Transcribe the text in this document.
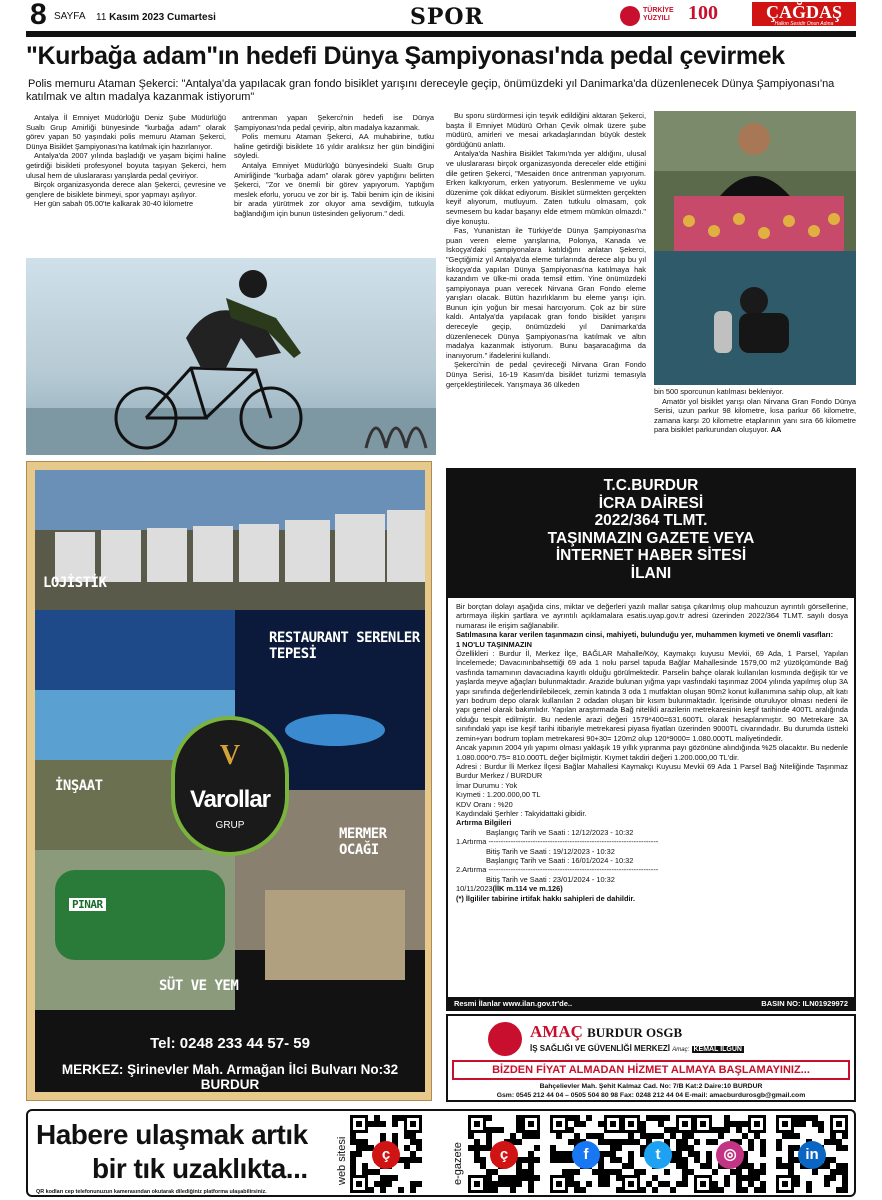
8 SAYFA 11 Kasım 2023 Cumartesi	SPOR	TÜRKİYE YÜZYILI 100	ÇAĞDAŞ
Halkın Sesidir Onun Adına
"Kurbağa adam"ın hedefi Dünya Şampiyonası'nda pedal çevirmek
Polis memuru Ataman Şekerci: "Antalya'da yapılacak gran fondo bisiklet yarışını dereceyle geçip, önümüzdeki yıl Danimarka'da düzenlenecek Dünya Şampiyonası'na katılmak ve altın madalya kazanmak istiyorum"

Antalya İl Emniyet Müdürlüğü Deniz Şube Müdürlüğü Sualtı Grup Amirliği bünyesinde "kurbağa adam" olarak görev yapan 50 yaşındaki polis memuru Ataman Şekerci, Dünya Bisiklet Şampiyonası'na katılmak için hazırlanıyor.

Antalya'da 2007 yılında başladığı ve yaşam biçimi haline getirdiği bisikleti profesyonel boyuta taşıyan Şekerci, hem ulusal hem de uluslararası yarışlarda pedal çeviriyor.

Birçok organizasyonda derece alan Şekerci, çevresine ve gençlere de bisiklete binmeyi, spor yapmayı aşılıyor.

Her gün sabah 05.00'te kalkarak 30-40 kilometre

antrenman yapan Şekerci'nin hedefi ise Dünya Şampiyonası'nda pedal çevirip, altın madalya kazanmak.

Polis memuru Ataman Şekerci, AA muhabirine, tutku haline getirdiği bisiklete 16 yıldır aralıksız her gün bindiğini söyledi.

Antalya Emniyet Müdürlüğü bünyesindeki Sualtı Grup Amirliğinde "kurbağa adam" olarak görev yaptığını belirten Şekerci, "Zor ve önemli bir görev yapıyorum. Yaptığım meslek eforlu, yorucu ve zor bir iş. Tabii benim için de ikisini bir arada yürütmek zor oluyor ama sevdiğim, tutkuyla bağlandığım için bunun üstesinden geliyorum." dedi.

Bu sporu sürdürmesi için teşvik edildiğini aktaran Şekerci, başta İl Emniyet Müdürü Orhan Çevik olmak üzere şube müdürü, amirleri ve mesai arkadaşlarından büyük destek gördüğünü anlattı.

Antalya'da Nashira Bisiklet Takımı'nda yer aldığını, ulusal ve uluslararası birçok organizasyonda dereceler elde ettiğini dile getiren Şekerci, "Mesaiden önce antrenman yapıyorum. Erken kalkıyorum, erken yatıyorum. Beslenmeme ve uyku düzenime çok dikkat ediyorum. Bisiklet sürmekten gerçekten keyif alıyorum, mutluyum. Zaten tutkulu olmasam, çok sevmesem bu kadar başarıyı elde etmem mümkün olmazdı." diye konuştu.

Fas, Yunanistan ile Türkiye'de Dünya Şampiyonası'na puan veren eleme yarışlarına, Polonya, Kanada ve İskoçya'daki şampiyonalara katıldığını anlatan Şekerci, "Geçtiğimiz yıl Antalya'da eleme turlarında derece alıp bu yıl İskoçya'da yapılan Dünya Şampiyonası'na katılmaya hak kazandım ve ülke-mi orada temsil ettim. Yine önümüzdeki şampiyonaya puan verecek Nirvana Gran Fondo eleme yarışları olacak. Bütün hazırlıklarım bu eleme yarışı için. Bunun için yoğun bir mesai harcıyorum. Çok az bir süre kaldı. Antalya'da yapılacak gran fondo bisiklet yarışını dereceyle geçip, önümüzdeki yıl Danimarka'da düzenlenecek Dünya Şampiyonası'na katılmak ve altın madalya kazanmak istiyorum. Bunu başaracağıma da inanıyorum." ifadelerini kullandı.

Şekerci'nin de pedal çevireceği Nirvana Gran Fondo Dünya Serisi, 16-19 Kasım'da bisiklet turizmi temasıyla gerçekleştirilecek. Yarışmaya 36 ülkeden

bin 500 sporcunun katılması bekleniyor.

Amatör yol bisiklet yarışı olan Nirvana Gran Fondo Dünya Serisi, uzun parkur 98 kilometre, kısa parkur 66 kilometre, zamana karşı 20 kilometre etaplarının yanı sıra 66 kilometre para bisiklet parkurundan oluşuyor. AA

LOJİSTİK
RESTAURANT SERENLER TEPESİ
İNŞAAT
MERMER OCAĞI
SÜT VE YEM
PINAR
V
Varollar
GRUP
Tel: 0248 233 44 57- 59
MERKEZ: Şirinevler Mah. Armağan İlci Bulvarı No:32 BURDUR
T.C.BURDUR
İCRA DAİRESİ
2022/364 TLMT.
TAŞINMAZIN GAZETE VEYA
İNTERNET HABER SİTESİ
İLANI

Bir borçtan dolayı aşağıda cins, miktar ve değerleri yazılı mallar satışa çıkarılmış olup mahcuzun ayrıntılı görsellerine, artırmaya ilişkin şartlara ve ayrıntılı açıklamalara esatis.uyap.gov.tr adresi üzerinden 2022/364 TLMT. sayılı dosya numarası ile erişim sağlanabilir.

Satılmasına karar verilen taşınmazın cinsi, mahiyeti, bulunduğu yer, muhammen kıymeti ve önemli vasıfları:

1 NO'LU TAŞINMAZIN

Özellikleri : Burdur İl, Merkez İlçe, BAĞLAR Mahalle/Köy, Kaymakçı kuyusu Mevkii, 69 Ada, 1 Parsel, Yapılan İncelemede; Davacınınbahsettiği 69 ada 1 nolu parsel tapuda Bağlar Mahallesinde 1579,00 m2 yüzölçümünde Bağ vasfında tamamının davacıadına kayıtlı olduğu görülmektedir. Parselin bahçe olarak kullanılan kısmında değişik tür ve yaşlarda meyve ağaçları bulunmaktadır. Arazide bulunan yığma yapı vasfındaki taşınmaz 2004 yılında yapılmış olup 3A yapı sınıfında değerlendirilebilecek, zemin katında 3 oda 1 mutfaktan oluşan 90m2 konut kullanımına sahip olup, alt katı yarı bodrum depo olarak kullanılan 2 odadan oluşan bir kısım bulunmaktadır. İçerisinde oturuluyor olması nedeni ile yapı genel olarak bakımlıdır. Yapılan araştırmada Bağ nitelikli arazilerin metrekaresinin keşif tarihinde 400TL aralığında olduğu tespit edilmiştir. Bu nedenle arazi değeri 1579*400=631.600TL olarak hesaplanmıştır. 90 Metrekare 3A sınıfındaki yapı ise keşif tarihi itibariyle metrekaresi piyasa fiyatları üzerinden 9000TL civarındadır. Bu durumda üstteki zemin+yarı bodrum toplam metrekaresi 90+30= 120m2 olup 120*9000= 1.080.000TL maliyetindedir.

Ancak yapının 2004 yılı yapımı olması yaklaşık 19 yıllık yıpranma payı gözönüne alındığında %25 olacaktır. Bu nedenle 1.080.000*0.75= 810.000TL değer biçilmiştir. Kıymet takdiri değeri 1.200.000,00 TL'dir.

Adresi : Burdur İli Merkez İlçesi Bağlar Mahallesi Kaymakçı Kuyusu Mevkii 69 Ada 1 Parsel Bağ Niteliğinde Taşınmaz Burdur Merkez / BURDUR

İmar Durumu : Yok

Kıymeti : 1.200.000,00 TL

KDV Oranı : %20

Kaydındaki Şerhler : Takyidattaki gibidir.

Artırma Bilgileri

Başlangıç Tarih ve Saati : 12/12/2023 - 10:32

1.Artırma ---------------------------------------------------------------------

Bitiş Tarih ve Saati : 19/12/2023 - 10:32

Başlangıç Tarih ve Saati : 16/01/2024 - 10:32

2.Artırma ---------------------------------------------------------------------

Bitiş Tarih ve Saati : 23/01/2024 - 10:32

10/11/2023(İİK m.114 ve m.126)

(*) İlgililer tabirine irtifak hakkı sahipleri de dahildir.

Resmi İlanlar www.ilan.gov.tr'de..	BASIN NO: ILN01929972
AMAÇ BURDUR OSGB
İŞ SAĞLIĞI VE GÜVENLİĞİ MERKEZİ Amaç: KEMAL İLGÜN
BİZDEN FİYAT ALMADAN HİZMET ALMAYA BAŞLAMAYINIZ...
Bahçelievler Mah. Şehit Kalmaz Cad. No: 7/B Kat:2 Daire:10 BURDUR
Gsm: 0545 212 44 04 – 0505 504 80 98 Fax: 0248 212 44 04 E-mail: amacburdurosgb@gmail.com
Habere ulaşmak artık
bir tık uzaklıkta...
QR kodları cep telefonunuzun kamerasından okutarak dilediğiniz platforma ulaşabilirsiniz.
web sitesi	e-gazete
ç	ç	f	t	◎	in
